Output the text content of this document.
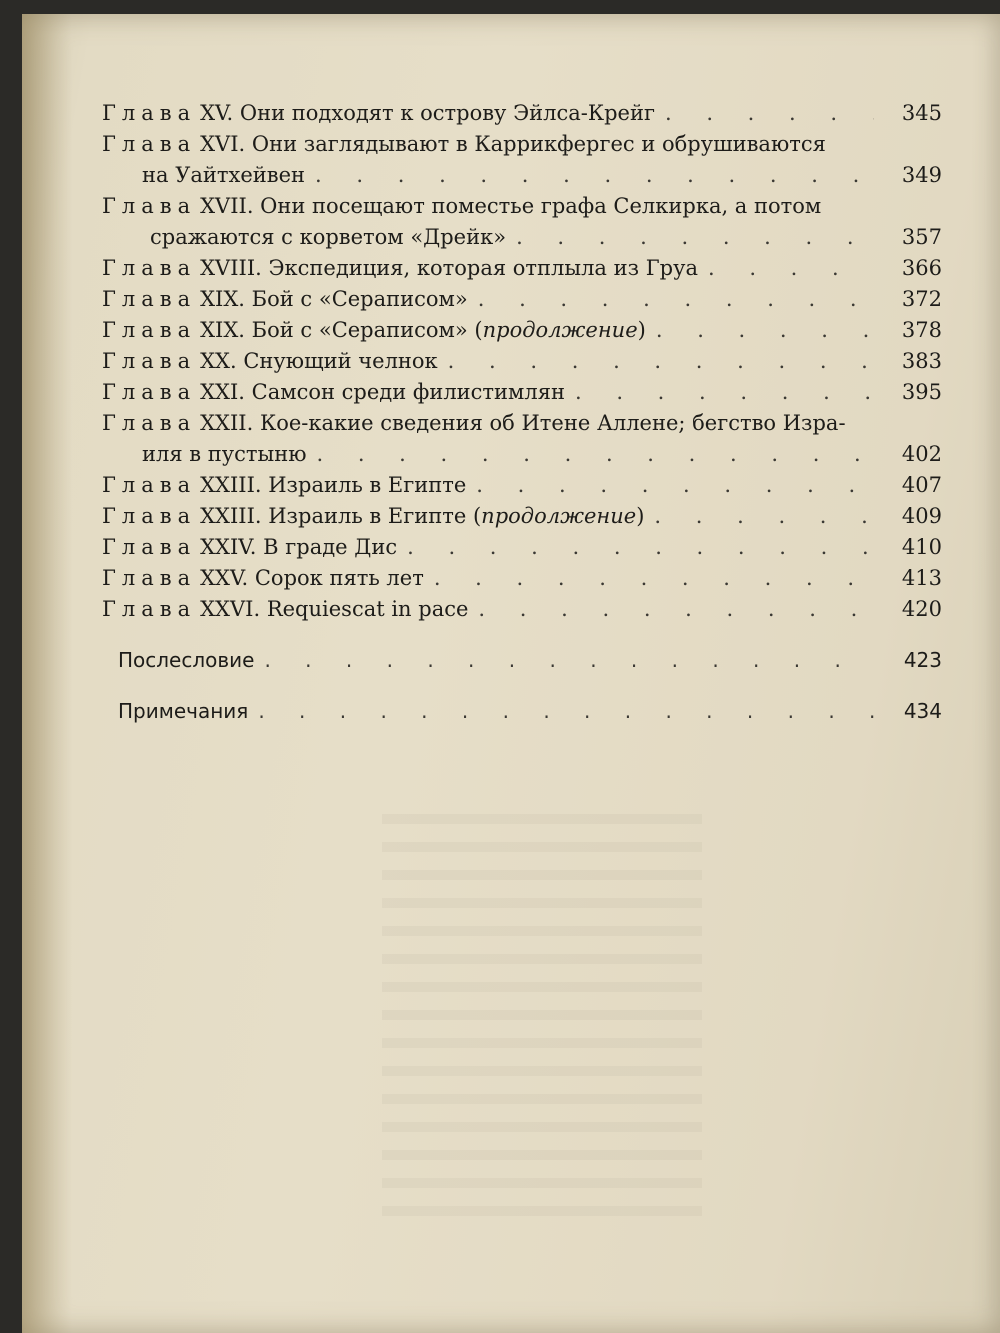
Глава XV. Они подходят к острову Эйлса-Крейг . . .	345
Глава XVI. Они заглядывают в Каррикфергес и обрушиваются
на Уайтхейвен . . .	349
Глава XVII. Они посещают поместье графа Селкирка, а потом
сражаются с корветом «Дрейк» . . .	357
Глава XVIII. Экспедиция, которая отплыла из Груа . . .	366
Глава XIX. Бой с «Сераписом» . . .	372
Глава XIX. Бой с «Сераписом» (продолжение) . . .	378
Глава XX. Снующий челнок . . .	383
Глава XXI. Самсон среди филистимлян . . .	395
Глава XXII. Кое-какие сведения об Итене Аллене; бегство Изра-
иля в пустыню . . .	402
Глава XXIII. Израиль в Египте . . .	407
Глава XXIII. Израиль в Египте (продолжение) . . .	409
Глава XXIV. В граде Дис . . .	410
Глава XXV. Сорок пять лет . . .	413
Глава XXVI. Requiescat in pace . . .	420
Послесловие . . .	423
Примечания . . .	434
